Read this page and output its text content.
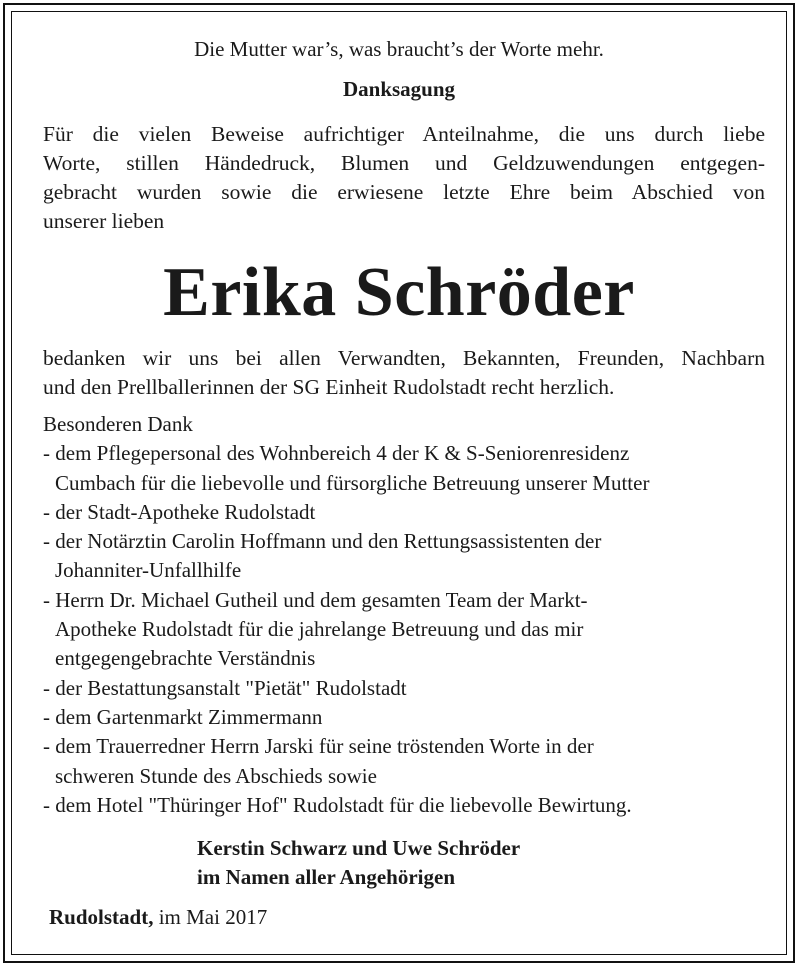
Die Mutter war’s, was braucht’s der Worte mehr.
Danksagung
Für die vielen Beweise aufrichtiger Anteilnahme, die uns durch liebe
Worte, stillen Händedruck, Blumen und Geldzuwendungen entgegen-
gebracht wurden sowie die erwiesene letzte Ehre beim Abschied von
unserer lieben
Erika Schröder
bedanken wir uns bei allen Verwandten, Bekannten, Freunden, Nachbarn
und den Prellballerinnen der SG Einheit Rudolstadt recht herzlich.
Besonderen Dank
- dem Pflegepersonal des Wohnbereich 4 der K & S-Seniorenresidenz
Cumbach für die liebevolle und fürsorgliche Betreuung unserer Mutter
- der Stadt-Apotheke Rudolstadt
- der Notärztin Carolin Hoffmann und den Rettungsassistenten der
Johanniter-Unfallhilfe
- Herrn Dr. Michael Gutheil und dem gesamten Team der Markt-
Apotheke Rudolstadt für die jahrelange Betreuung und das mir
entgegengebrachte Verständnis
- der Bestattungsanstalt "Pietät" Rudolstadt
- dem Gartenmarkt Zimmermann
- dem Trauerredner Herrn Jarski für seine tröstenden Worte in der
schweren Stunde des Abschieds sowie
- dem Hotel "Thüringer Hof" Rudolstadt für die liebevolle Bewirtung.
Kerstin Schwarz und Uwe Schröder
im Namen aller Angehörigen
Rudolstadt, im Mai 2017
